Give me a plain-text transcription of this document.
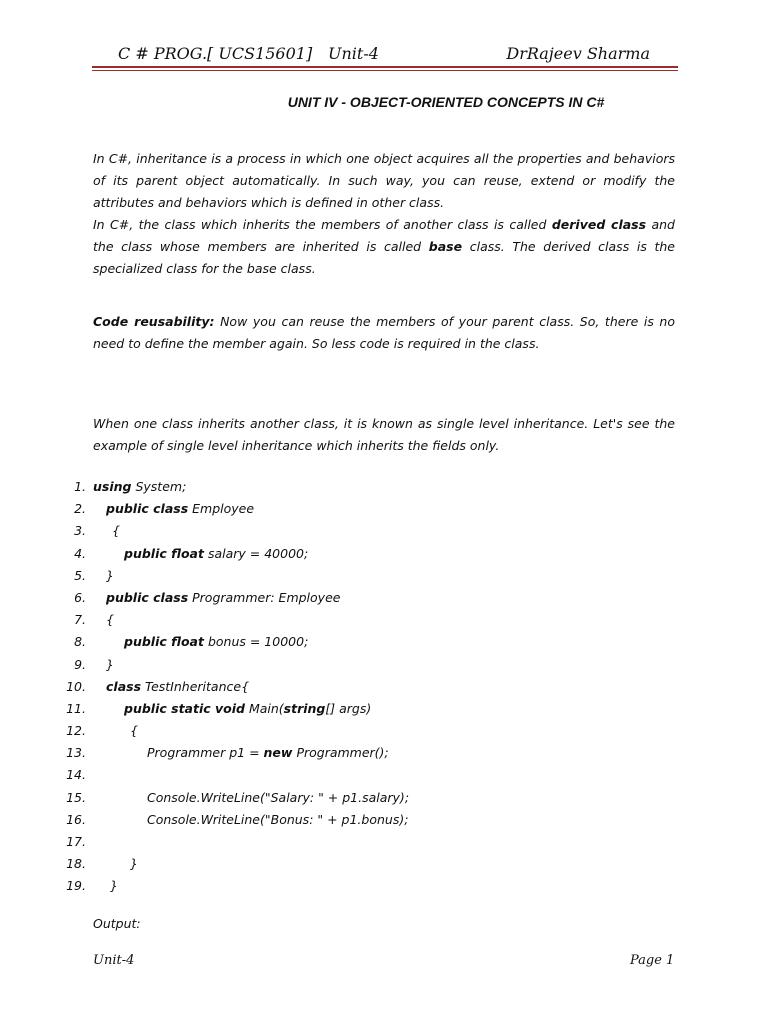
C # PROG.[ UCS15601] Unit-4	DrRajeev Sharma
UNIT IV - OBJECT-ORIENTED CONCEPTS IN C#

In C#, inheritance is a process in which one object acquires all the properties and behaviors of its parent object automatically. In such way, you can reuse, extend or modify the attributes and behaviors which is defined in other class.

In C#, the class which inherits the members of another class is called derived class and the class whose members are inherited is called base class. The derived class is the specialized class for the base class.

Code reusability: Now you can reuse the members of your parent class. So, there is no need to define the member again. So less code is required in the class.

When one class inherits another class, it is known as single level inheritance. Let's see the example of single level inheritance which inherits the fields only.

1. using System;
2. public class Employee
3. {
4.	public float salary = 40000;
5. }
6. public class Programmer: Employee
7. {
8.	public float bonus = 10000;
9. }
10. class TestInheritance{
11.	public static void Main(string[] args)
12.	{
13.	Programmer p1 = new Programmer();
14.
15.	Console.WriteLine("Salary: " + p1.salary);
16.	Console.WriteLine("Bonus: " + p1.bonus);
17.
18.	}
19. }
Output:
Unit-4	Page 1
